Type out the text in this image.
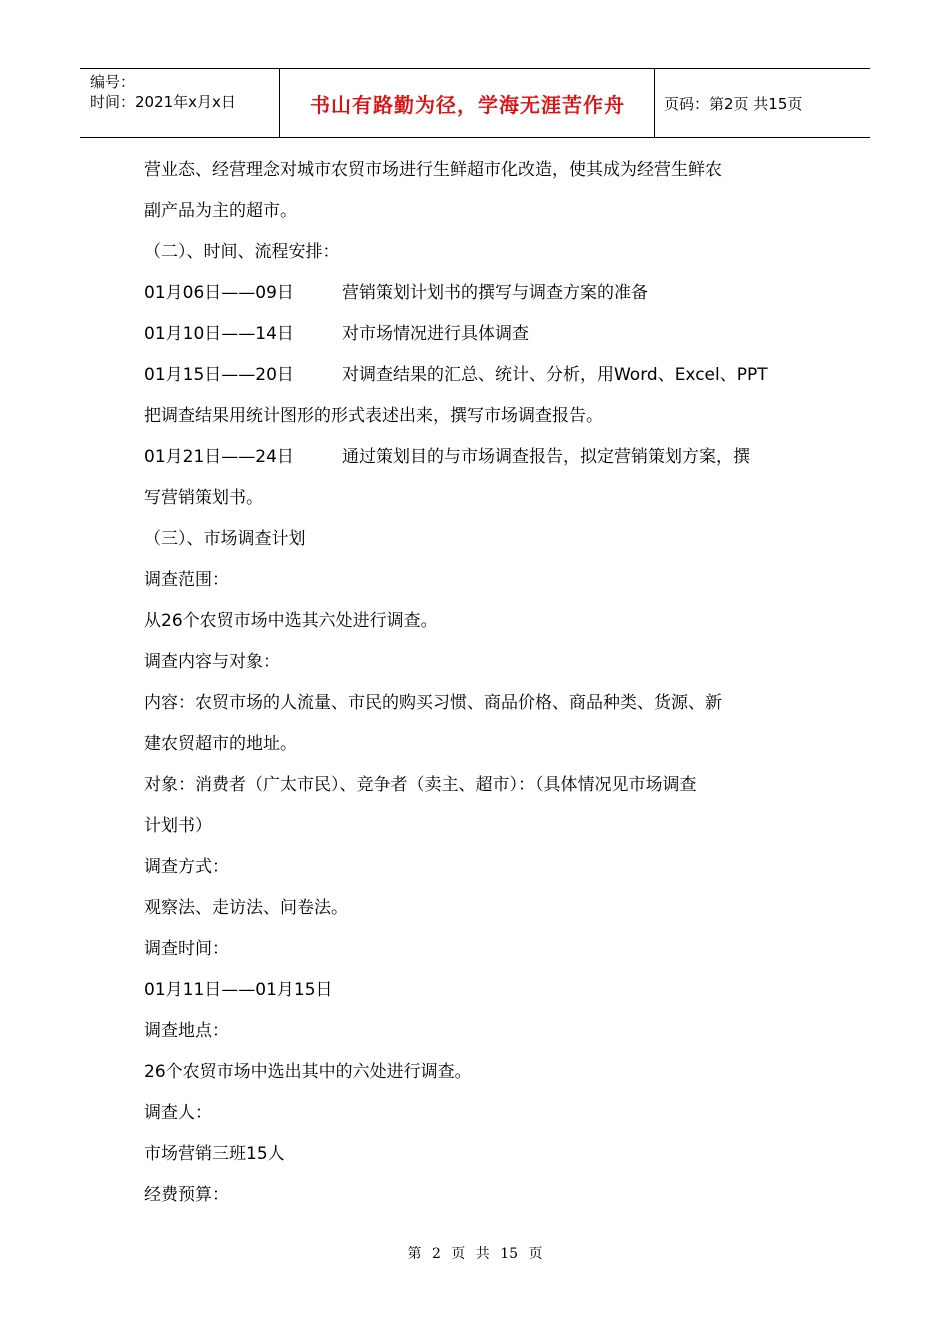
编号：
时间：2021年x月x日	书山有路勤为径，学海无涯苦作舟	页码：第2页 共15页
营业态、经营理念对城市农贸市场进行生鲜超市化改造，使其成为经营生鲜农
副产品为主的超市。
（二）、时间、流程安排：
01月06日——09日	营销策划计划书的撰写与调查方案的准备
01月10日——14日	对市场情况进行具体调查
01月15日——20日	对调查结果的汇总、统计、分析，用Word、Excel、PPT
把调查结果用统计图形的形式表述出来，撰写市场调查报告。
01月21日——24日	通过策划目的与市场调查报告，拟定营销策划方案，撰
写营销策划书。
（三）、市场调查计划
调查范围：
从26个农贸市场中选其六处进行调查。
调查内容与对象：
内容：农贸市场的人流量、市民的购买习惯、商品价格、商品种类、货源、新
建农贸超市的地址。
对象：消费者（广太市民）、竞争者（卖主、超市）：（具体情况见市场调查
计划书）
调查方式：
观察法、走访法、问卷法。
调查时间：
01月11日——01月15日
调查地点：
26个农贸市场中选出其中的六处进行调查。
调查人：
市场营销三班15人
经费预算：
第 2 页 共 15 页
